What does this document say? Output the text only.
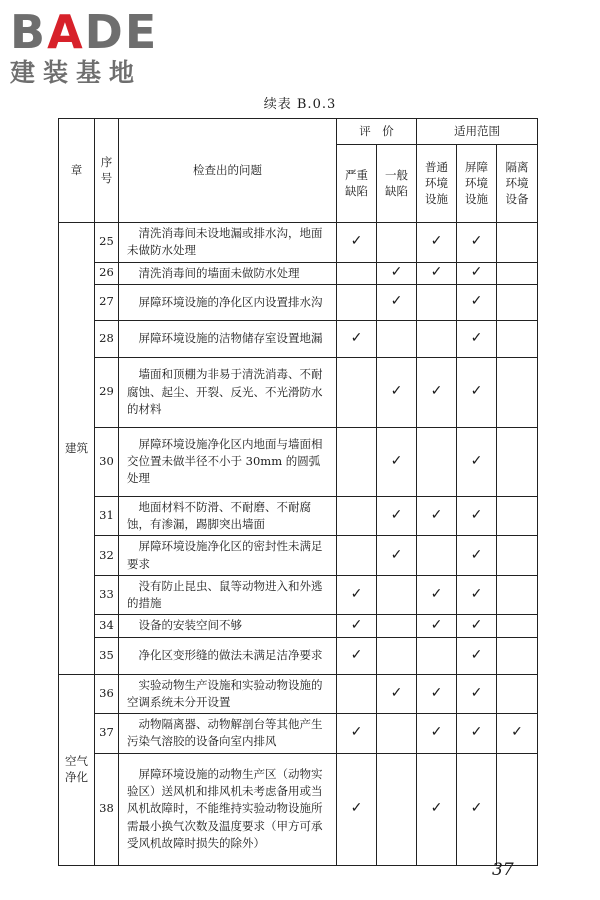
BADE
建装基地
续表 B.0.3
章	序号	检查出的问题	评　价		适用范围		
			严重缺陷	一般缺陷	普通环境设施	屏障环境设施	隔离环境设备
建筑	25	清洗消毒间未设地漏或排水沟，地面未做防水处理	✓		✓	✓	
	26	清洗消毒间的墙面未做防水处理		✓	✓	✓	
	27	屏障环境设施的净化区内设置排水沟		✓		✓	
	28	屏障环境设施的洁物储存室设置地漏	✓			✓	
	29	墙面和顶棚为非易于清洗消毒、不耐腐蚀、起尘、开裂、反光、不光滑防水的材料		✓	✓	✓	
	30	屏障环境设施净化区内地面与墙面相交位置未做半径不小于 30mm 的圆弧处理		✓		✓	
	31	地面材料不防滑、不耐磨、不耐腐蚀，有渗漏，踢脚突出墙面		✓	✓	✓	
	32	屏障环境设施净化区的密封性未满足要求		✓		✓	
	33	没有防止昆虫、鼠等动物进入和外逃的措施	✓		✓	✓	
	34	设备的安装空间不够	✓		✓	✓	
	35	净化区变形缝的做法未满足洁净要求	✓			✓	
空气净化	36	实验动物生产设施和实验动物设施的空调系统未分开设置		✓	✓	✓	
	37	动物隔离器、动物解剖台等其他产生污染气溶胶的设备向室内排风	✓		✓	✓	✓
	38	屏障环境设施的动物生产区（动物实验区）送风机和排风机未考虑备用或当风机故障时，不能维持实验动物设施所需最小换气次数及温度要求（甲方可承受风机故障时损失的除外）	✓		✓	✓	
37
